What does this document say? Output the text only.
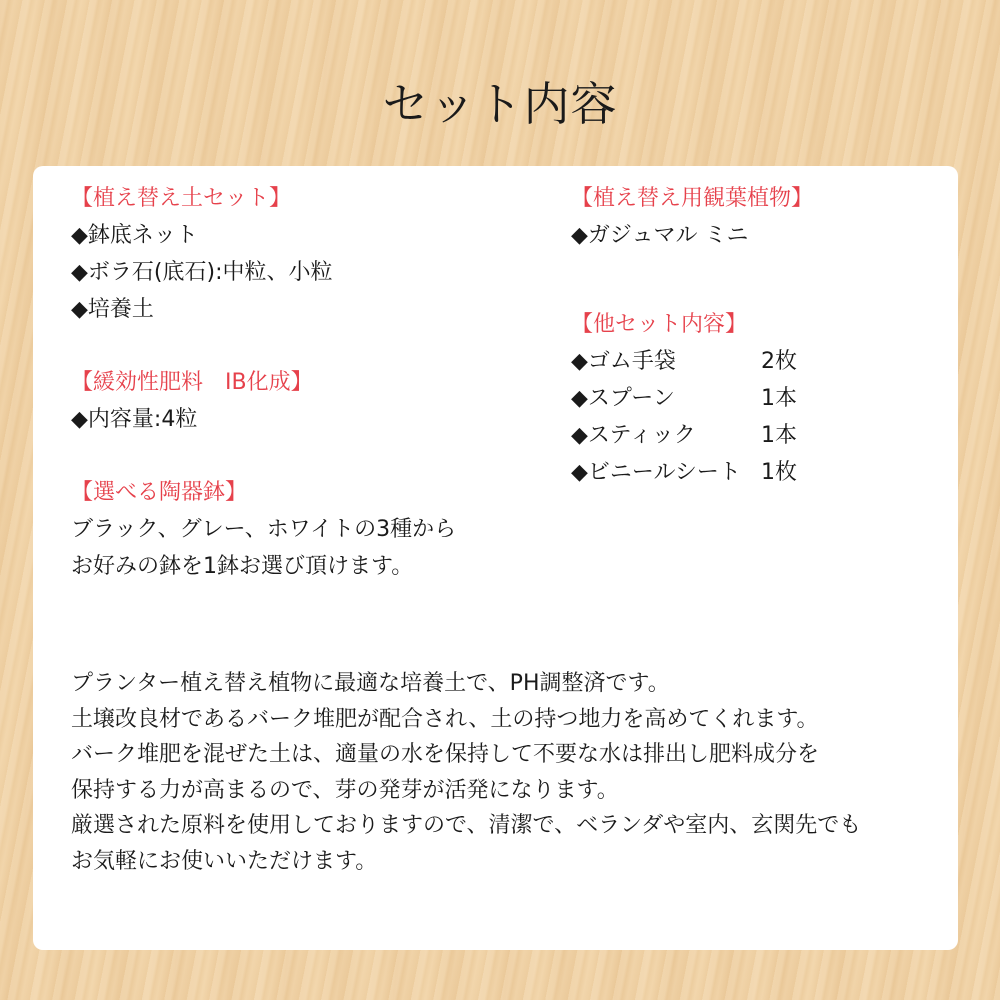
セット内容
【植え替え土セット】
◆鉢底ネット
◆ボラ石(底石):中粒、小粒
◆培養土
【緩効性肥料　IB化成】
◆内容量:4粒
【選べる陶器鉢】
ブラック、グレー、ホワイトの3種から
お好みの鉢を1鉢お選び頂けます。
【植え替え用観葉植物】
◆ガジュマル ミニ
【他セット内容】
◆ゴム手袋	2枚
◆スプーン	1本
◆スティック	1本
◆ビニールシート 1枚
プランター植え替え植物に最適な培養土で、PH調整済です。
土壌改良材であるバーク堆肥が配合され、土の持つ地力を高めてくれます。
バーク堆肥を混ぜた土は、適量の水を保持して不要な水は排出し肥料成分を
保持する力が高まるので、芽の発芽が活発になります。
厳選された原料を使用しておりますので、清潔で、ベランダや室内、玄関先でも
お気軽にお使いいただけます。
